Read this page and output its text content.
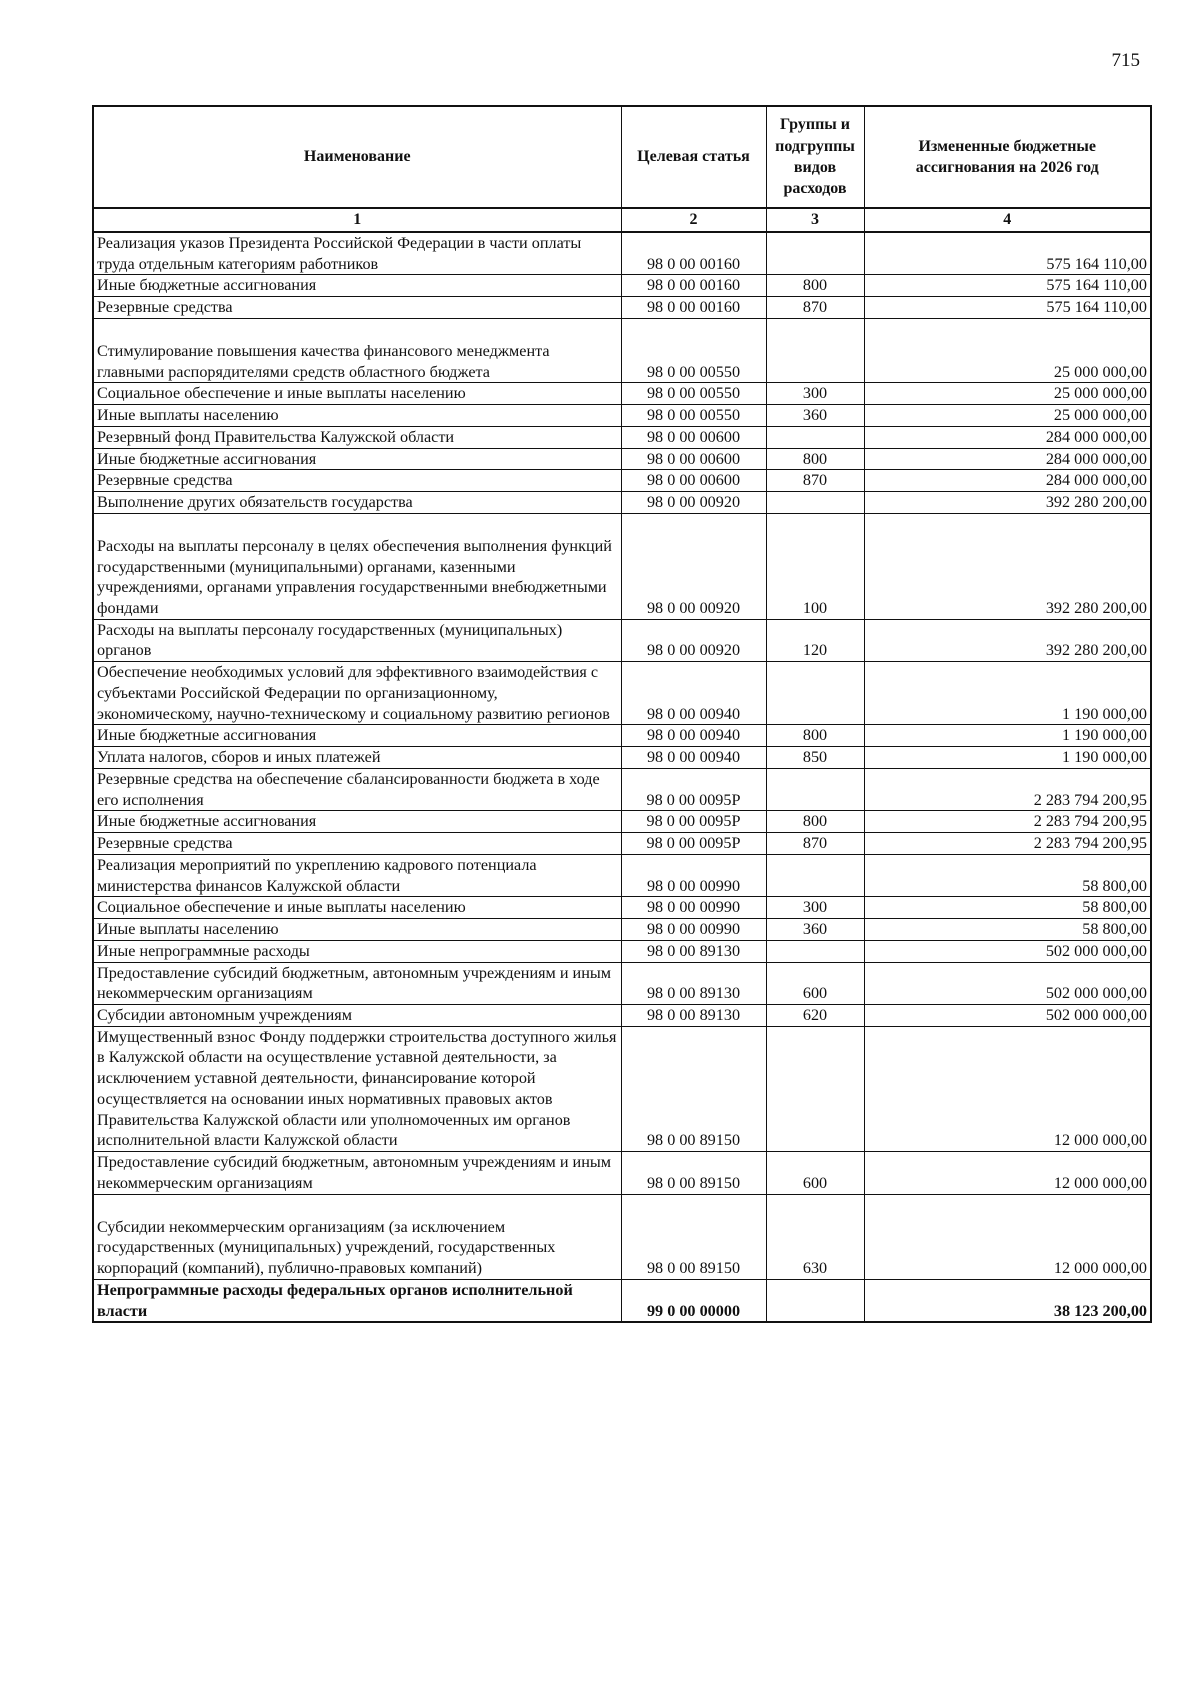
715
Наименование	Целевая статья	Группы и подгруппы видов расходов	Измененные бюджетные ассигнования на 2026 год
1	2	3	4
Реализация указов Президента Российской Федерации в части оплаты труда отдельным категориям работников	98 0 00 00160		575 164 110,00
Иные бюджетные ассигнования	98 0 00 00160	800	575 164 110,00
Резервные средства	98 0 00 00160	870	575 164 110,00
Стимулирование повышения качества финансового менеджмента главными распорядителями средств областного бюджета	98 0 00 00550		25 000 000,00
Социальное обеспечение и иные выплаты населению	98 0 00 00550	300	25 000 000,00
Иные выплаты населению	98 0 00 00550	360	25 000 000,00
Резервный фонд Правительства Калужской области	98 0 00 00600		284 000 000,00
Иные бюджетные ассигнования	98 0 00 00600	800	284 000 000,00
Резервные средства	98 0 00 00600	870	284 000 000,00
Выполнение других обязательств государства	98 0 00 00920		392 280 200,00
Расходы на выплаты персоналу в целях обеспечения выполнения функций государственными (муниципальными) органами, казенными учреждениями, органами управления государственными внебюджетными фондами	98 0 00 00920	100	392 280 200,00
Расходы на выплаты персоналу государственных (муниципальных) органов	98 0 00 00920	120	392 280 200,00
Обеспечение необходимых условий для эффективного взаимодействия с субъектами Российской Федерации по организационному, экономическому, научно-техническому и социальному развитию регионов	98 0 00 00940		1 190 000,00
Иные бюджетные ассигнования	98 0 00 00940	800	1 190 000,00
Уплата налогов, сборов и иных платежей	98 0 00 00940	850	1 190 000,00
Резервные средства на обеспечение сбалансированности бюджета в ходе его исполнения	98 0 00 0095Р		2 283 794 200,95
Иные бюджетные ассигнования	98 0 00 0095Р	800	2 283 794 200,95
Резервные средства	98 0 00 0095Р	870	2 283 794 200,95
Реализация мероприятий по укреплению кадрового потенциала министерства финансов Калужской области	98 0 00 00990		58 800,00
Социальное обеспечение и иные выплаты населению	98 0 00 00990	300	58 800,00
Иные выплаты населению	98 0 00 00990	360	58 800,00
Иные непрограммные расходы	98 0 00 89130		502 000 000,00
Предоставление субсидий бюджетным, автономным учреждениям и иным некоммерческим организациям	98 0 00 89130	600	502 000 000,00
Субсидии автономным учреждениям	98 0 00 89130	620	502 000 000,00
Имущественный взнос Фонду поддержки строительства доступного жилья в Калужской области на осуществление уставной деятельности, за исключением уставной деятельности, финансирование которой осуществляется на основании иных нормативных правовых актов Правительства Калужской области или уполномоченных им органов исполнительной власти Калужской области	98 0 00 89150		12 000 000,00
Предоставление субсидий бюджетным, автономным учреждениям и иным некоммерческим организациям	98 0 00 89150	600	12 000 000,00
Субсидии некоммерческим организациям (за исключением государственных (муниципальных) учреждений, государственных корпораций (компаний), публично-правовых компаний)	98 0 00 89150	630	12 000 000,00
Непрограммные расходы федеральных органов исполнительной власти	99 0 00 00000		38 123 200,00
